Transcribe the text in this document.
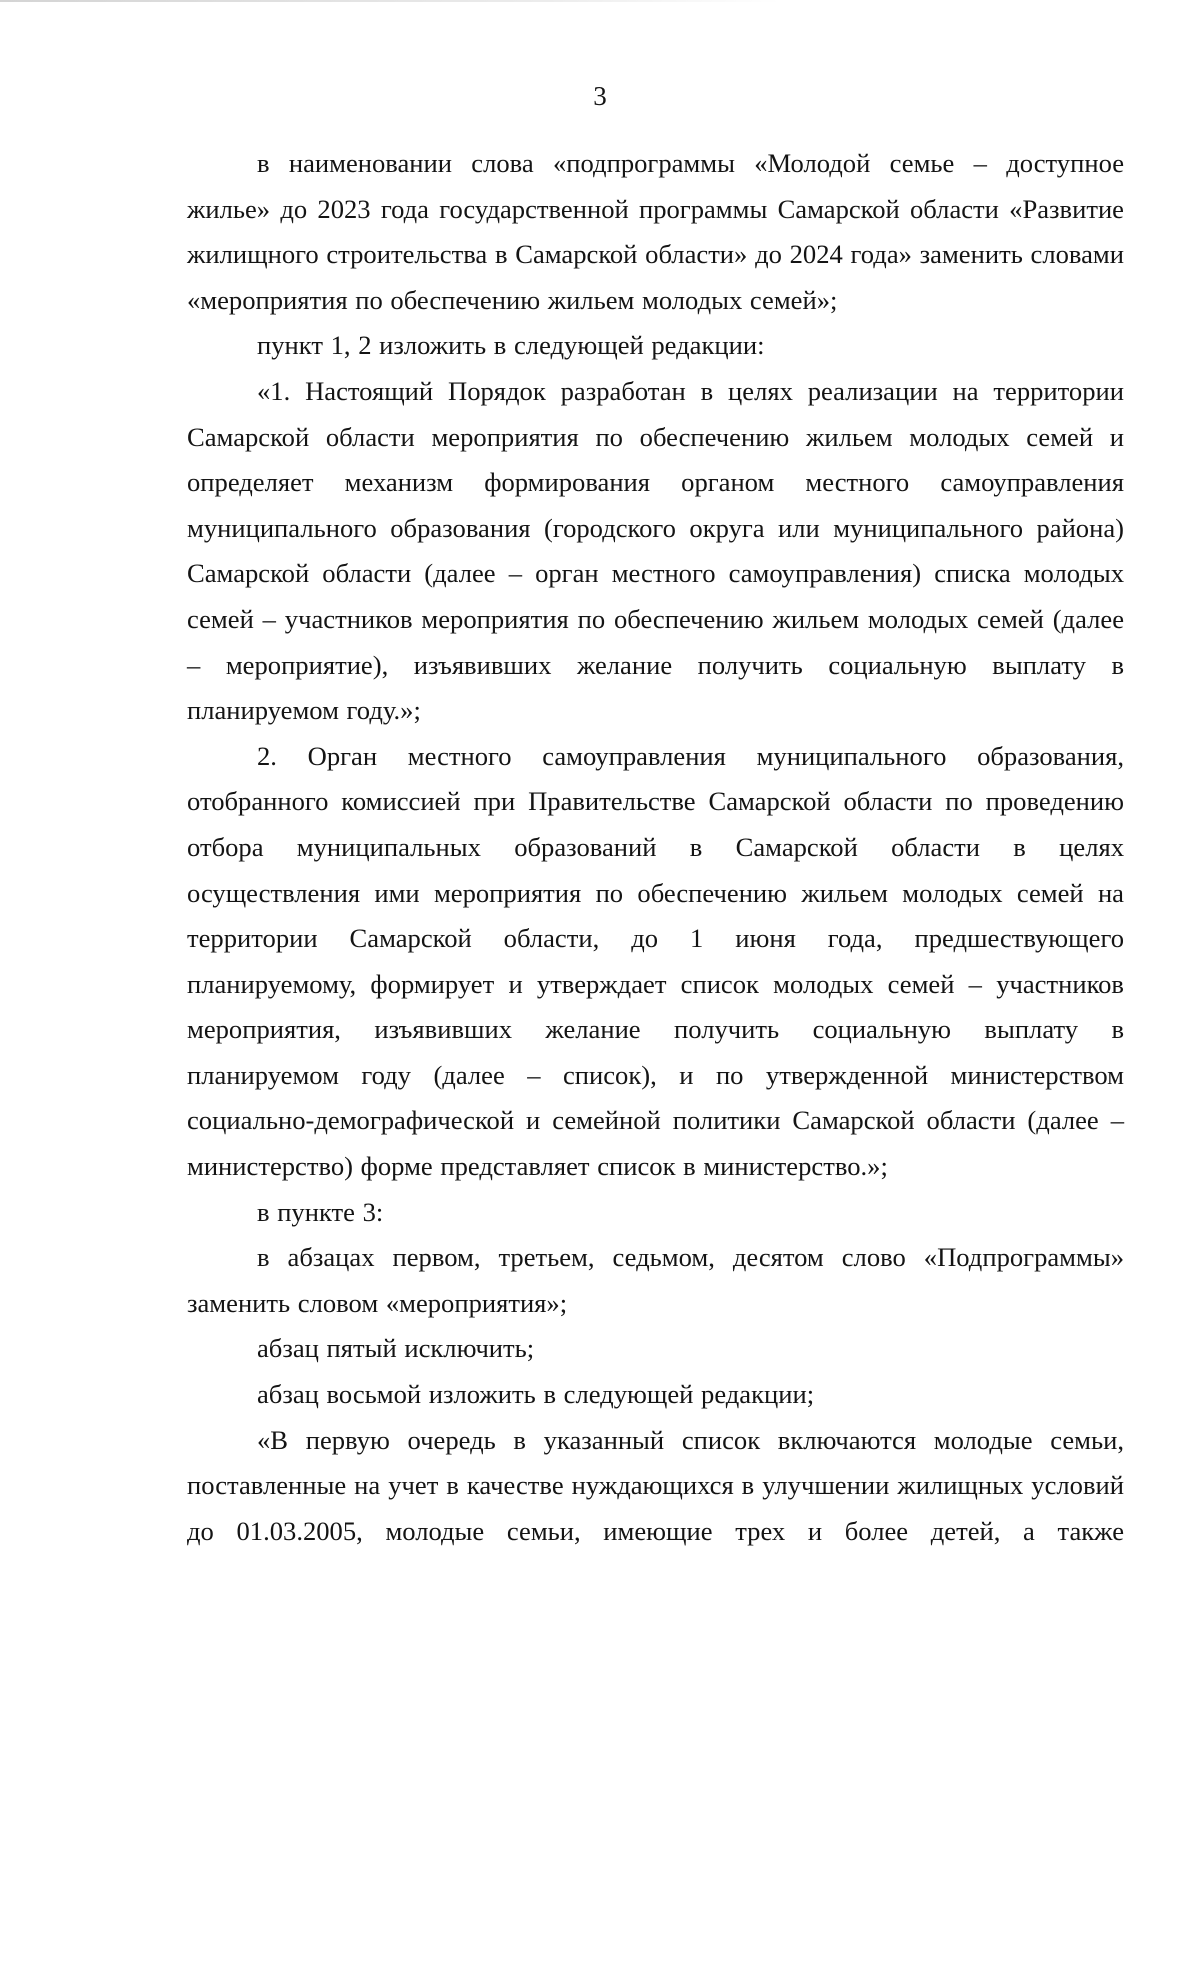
3

в наименовании слова «подпрограммы «Молодой семье – доступное жилье» до 2023 года государственной программы Самарской области «Развитие жилищного строительства в Самарской области» до 2024 года» заменить словами «мероприятия по обеспечению жильем молодых семей»;

пункт 1, 2 изложить в следующей редакции:

«1. Настоящий Порядок разработан в целях реализации на территории Самарской области мероприятия по обеспечению жильем молодых семей и определяет механизм формирования органом местного самоуправления муниципального образования (городского округа или муниципального района) Самарской области (далее – орган местного самоуправления) списка молодых семей – участников мероприятия по обеспечению жильем молодых семей (далее – мероприятие), изъявивших желание получить социальную выплату в планируемом году.»;

2. Орган местного самоуправления муниципального образования, отобранного комиссией при Правительстве Самарской области по проведению отбора муниципальных образований в Самарской области в целях осуществления ими мероприятия по обеспечению жильем молодых семей на территории Самарской области, до 1 июня года, предшествующего планируемому, формирует и утверждает список молодых семей – участников мероприятия, изъявивших желание получить социальную выплату в планируемом году (далее – список), и по утвержденной министерством социально-демографической и семейной политики Самарской области (далее – министерство) форме представляет список в министерство.»;

в пункте 3:

в абзацах первом, третьем, седьмом, десятом слово «Подпрограммы» заменить словом «мероприятия»;

абзац пятый исключить;

абзац восьмой изложить в следующей редакции;

«В первую очередь в указанный список включаются молодые семьи, поставленные на учет в качестве нуждающихся в улучшении жилищных условий до 01.03.2005, молодые семьи, имеющие трех и более детей, а также
